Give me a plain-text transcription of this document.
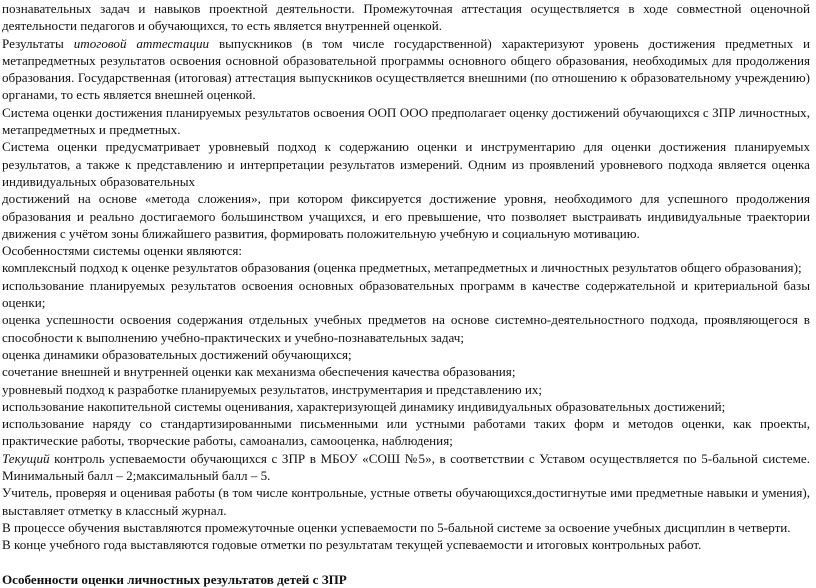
познавательных задач и навыков проектной деятельности. Промежуточная аттестация осуществляется в ходе совместной оценочной деятельности педагогов и обучающихся, то есть является внутренней оценкой.

Результаты итоговой аттестации выпускников (в том числе государственной) характеризуют уровень достижения предметных и метапредметных результатов освоения основной образовательной программы основного общего образования, необходимых для продолжения образования. Государственная (итоговая) аттестация выпускников осуществляется внешними (по отношению к образовательному учреждению) органами, то есть является внешней оценкой.

Система оценки достижения планируемых результатов освоения ООП ООО предполагает оценку достижений обучающихся с ЗПР личностных, метапредметных и предметных.

Система оценки предусматривает уровневый подход к содержанию оценки и инструментарию для оценки достижения планируемых результатов, а также к представлению и интерпретации результатов измерений. Одним из проявлений уровневого подхода является оценка индивидуальных образовательных

достижений на основе «метода сложения», при котором фиксируется достижение уровня, необходимого для успешного продолжения образования и реально достигаемого большинством учащихся, и его превышение, что позволяет выстраивать индивидуальные траектории движения с учётом зоны ближайшего развития, формировать положительную учебную и социальную мотивацию.

Особенностями системы оценки являются:

комплексный подход к оценке результатов образования (оценка предметных, метапредметных и личностных результатов общего образования);

использование планируемых результатов освоения основных образовательных программ в качестве содержательной и критериальной базы оценки;

оценка успешности освоения содержания отдельных учебных предметов на основе системно-деятельностного подхода, проявляющегося в способности к выполнению учебно-практических и учебно-познавательных задач;

оценка динамики образовательных достижений обучающихся;

сочетание внешней и внутренней оценки как механизма обеспечения качества образования;

уровневый подход к разработке планируемых результатов, инструментария и представлению их;

использование накопительной системы оценивания, характеризующей динамику индивидуальных образовательных достижений;

использование наряду со стандартизированными письменными или устными работами таких форм и методов оценки, как проекты, практические работы, творческие работы, самоанализ, самооценка, наблюдения;

Текущий контроль успеваемости обучающихся с ЗПР в МБОУ «СОШ №5», в соответствии с Уставом осуществляется по 5-бальной системе. Минимальный балл – 2;максимальный балл – 5.

Учитель, проверяя и оценивая работы (в том числе контрольные, устные ответы обучающихся,достигнутые ими предметные навыки и умения), выставляет отметку в классный журнал.

В процессе обучения выставляются промежуточные оценки успеваемости по 5-бальной системе за освоение учебных дисциплин в четверти.

В конце учебного года выставляются годовые отметки по результатам текущей успеваемости и итоговых контрольных работ.

Особенности оценки личностных результатов детей с ЗПР
